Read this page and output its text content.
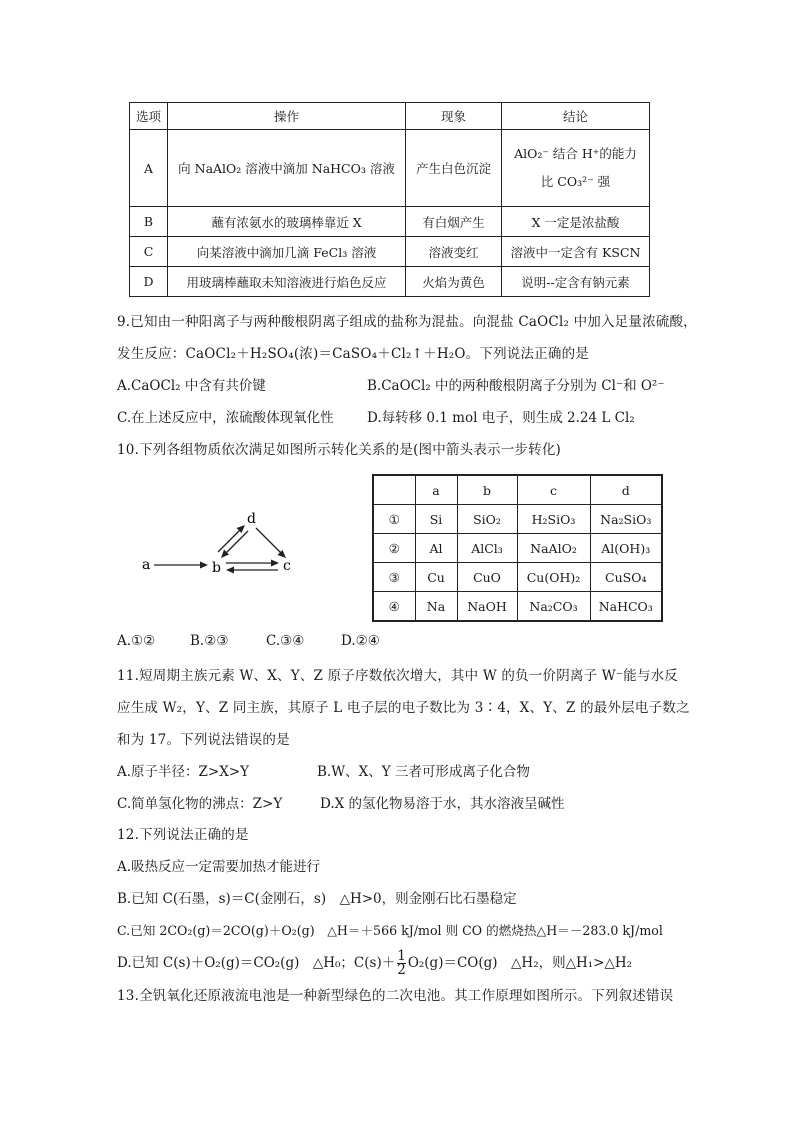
选项	操作	现象	结论
A	向 NaAlO₂ 溶液中滴加 NaHCO₃ 溶液	产生白色沉淀	AlO₂⁻ 结合 H⁺的能力
比 CO₃²⁻ 强

B	蘸有浓氨水的玻璃棒靠近 X	有白烟产生	X 一定是浓盐酸
C	向某溶液中滴加几滴 FeCl₃ 溶液	溶液变红	溶液中一定含有 KSCN
D	用玻璃棒蘸取未知溶液进行焰色反应	火焰为黄色	说明--定含有钠元素
9.已知由一种阳离子与两种酸根阴离子组成的盐称为混盐。向混盐 CaOCl₂ 中加入足量浓硫酸，
发生反应：CaOCl₂＋H₂SO₄(浓)＝CaSO₄＋Cl₂↑＋H₂O。下列说法正确的是
A.CaOCl₂ 中含有共价键	B.CaOCl₂ 中的两种酸根阴离子分别为 Cl⁻和 O²⁻
C.在上述反应中，浓硫酸体现氧化性 D.每转移 0.1 mol 电子，则生成 2.24 L Cl₂
10.下列各组物质依次满足如图所示转化关系的是(图中箭头表示一步转化)
a	b	c
d
	a	b	c	d
①	Si	SiO₂	H₂SiO₃	Na₂SiO₃
②	Al	AlCl₃	NaAlO₂	Al(OH)₃
③	Cu	CuO	Cu(OH)₂	CuSO₄
④	Na	NaOH	Na₂CO₃	NaHCO₃
A.①②	B.②③	C.③④	D.②④
11.短周期主族元素 W、X、Y、Z 原子序数依次增大，其中 W 的负一价阴离子 W⁻能与水反
应生成 W₂，Y、Z 同主族，其原子 L 电子层的电子数比为 3∶4，X、Y、Z 的最外层电子数之
和为 17。下列说法错误的是
A.原子半径：Z>X>Y	B.W、X、Y 三者可形成离子化合物
C.简单氢化物的沸点：Z>Y	D.X 的氢化物易溶于水，其水溶液呈碱性
12.下列说法正确的是
A.吸热反应一定需要加热才能进行
B.已知 C(石墨，s)＝C(金刚石，s)　△H>0，则金刚石比石墨稳定
C.已知 2CO₂(g)＝2CO(g)＋O₂(g)　△H＝＋566 kJ/mol 则 CO 的燃烧热△H＝－283.0 kJ/mol
D.已知 C(s)＋O₂(g)＝CO₂(g)　△H₀；$C(s)+ \frac{1}{2} O_2(g)=CO(g)$　△H₂，则△H₁>△H₂
13.全钒氧化还原液流电池是一种新型绿色的二次电池。其工作原理如图所示。下列叙述错误
